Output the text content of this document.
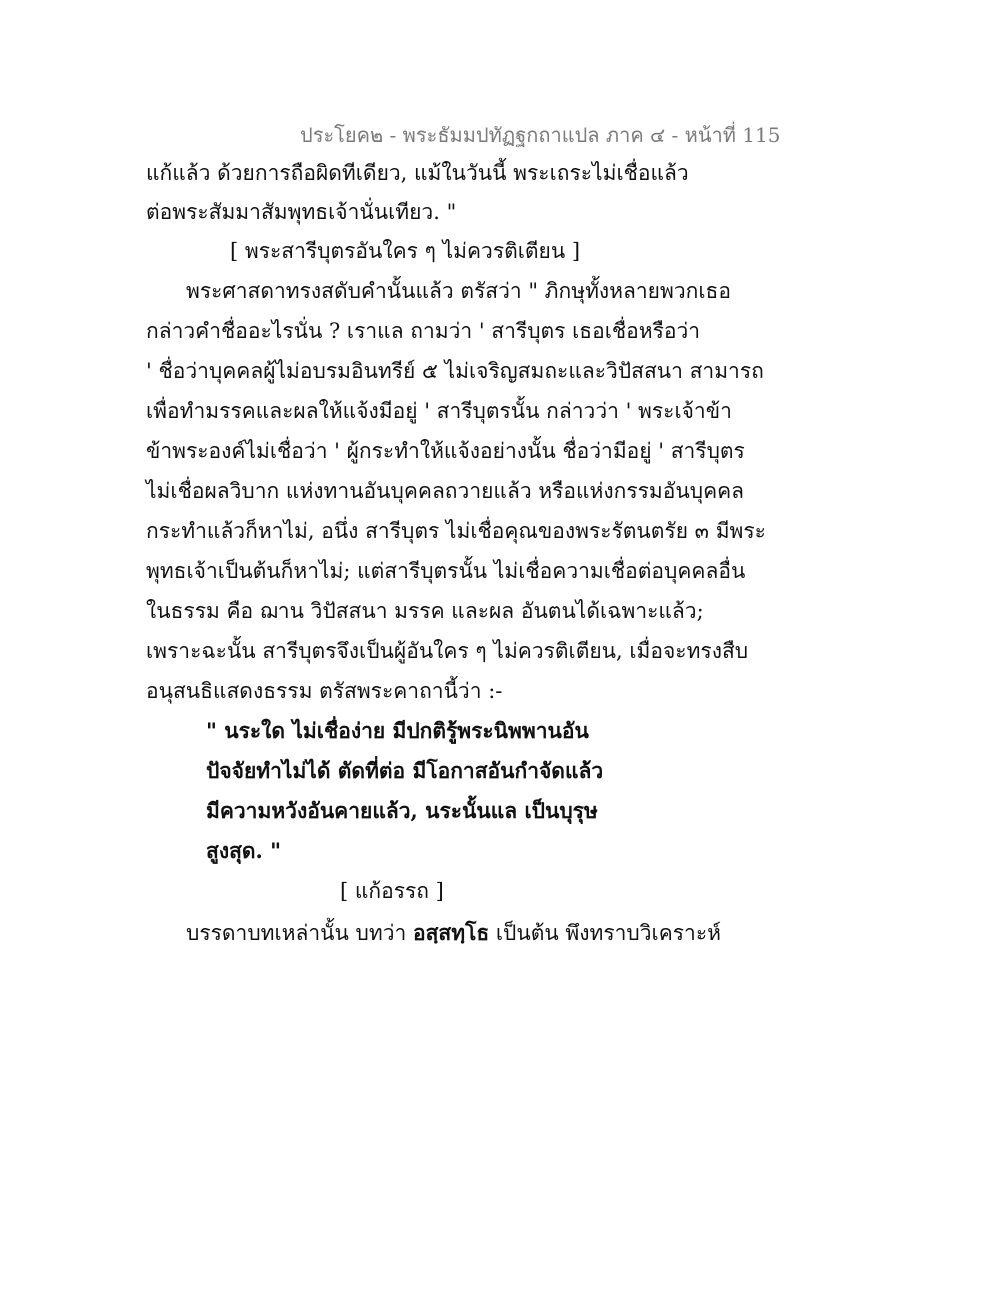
ประโยค๒ - พระธัมมปทัฏฐกถาแปล ภาค ๔ - หน้าที่ 115
แก้แล้ว ด้วยการถือผิดทีเดียว, แม้ในวันนี้ พระเถระไม่เชื่อแล้ว
ต่อพระสัมมาสัมพุทธเจ้านั่นเทียว. "
[ พระสารีบุตรอันใคร ๆ ไม่ควรติเตียน ]
พระศาสดาทรงสดับคำนั้นแล้ว ตรัสว่า " ภิกษุทั้งหลายพวกเธอ
กล่าวคำชื่ออะไรนั่น ? เราแล ถามว่า ' สารีบุตร เธอเชื่อหรือว่า
' ชื่อว่าบุคคลผู้ไม่อบรมอินทรีย์ ๕ ไม่เจริญสมถะและวิปัสสนา สามารถ
เพื่อทำมรรคและผลให้แจ้งมีอยู่ ' สารีบุตรนั้น กล่าวว่า ' พระเจ้าข้า
ข้าพระองค์ไม่เชื่อว่า ' ผู้กระทำให้แจ้งอย่างนั้น ชื่อว่ามีอยู่ ' สารีบุตร
ไม่เชื่อผลวิบาก แห่งทานอันบุคคลถวายแล้ว หรือแห่งกรรมอันบุคคล
กระทำแล้วก็หาไม่, อนึ่ง สารีบุตร ไม่เชื่อคุณของพระรัตนตรัย ๓ มีพระ
พุทธเจ้าเป็นต้นก็หาไม่; แต่สารีบุตรนั้น ไม่เชื่อความเชื่อต่อบุคคลอื่น
ในธรรม คือ ฌาน วิปัสสนา มรรค และผล อันตนได้เฉพาะแล้ว;
เพราะฉะนั้น สารีบุตรจึงเป็นผู้อันใคร ๆ ไม่ควรติเตียน, เมื่อจะทรงสืบ
อนุสนธิแสดงธรรม ตรัสพระคาถานี้ว่า :-
" นระใด ไม่เชื่อง่าย มีปกติรู้พระนิพพานอัน
ปัจจัยทำไม่ได้ ตัดที่ต่อ มีโอกาสอันกำจัดแล้ว
มีความหวังอันคายแล้ว, นระนั้นแล เป็นบุรุษ
สูงสุด. "
[ แก้อรรถ ]
บรรดาบทเหล่านั้น บทว่า อสฺสทฺโธ เป็นต้น พึงทราบวิเคราะห์
